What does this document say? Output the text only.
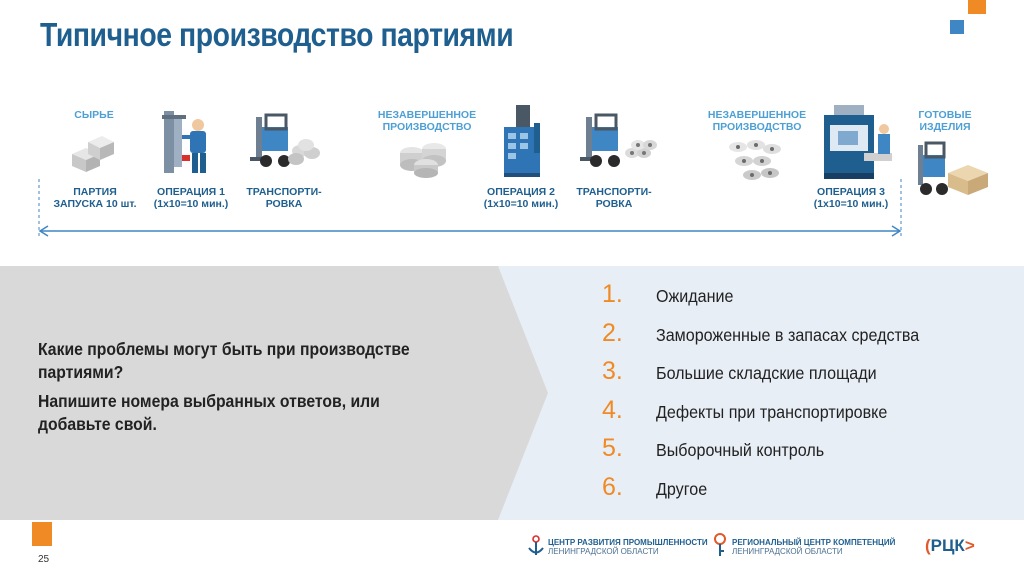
Типичное производство партиями
СЫРЬЕ	НЕЗАВЕРШЕННОЕ
ПРОИЗВОДСТВО
НЕЗАВЕРШЕННОЕ
ПРОИЗВОДСТВО
ГОТОВЫЕ
ИЗДЕЛИЯ
ПАРТИЯ
ЗАПУСКА 10 шт.
ОПЕРАЦИЯ 1
(1х10=10 мин.)
ТРАНСПОРТИ-
РОВКА
ОПЕРАЦИЯ 2
(1х10=10 мин.)
ТРАНСПОРТИ-
РОВКА
ОПЕРАЦИЯ 3
(1х10=10 мин.)

Какие проблемы могут быть при производстве партиями?

Напишите номера выбранных ответов, или добавьте свой.

1.	Ожидание
2.	Замороженные в запасах средства
3.	Большие складские площади
4.	Дефекты при транспортировке
5.	Выборочный контроль
6.	Другое
25
ЦЕНТР РАЗВИТИЯ ПРОМЫШЛЕННОСТИ
ЛЕНИНГРАДСКОЙ ОБЛАСТИ
РЕГИОНАЛЬНЫЙ ЦЕНТР КОМПЕТЕНЦИЙ
ЛЕНИНГРАДСКОЙ ОБЛАСТИ	(РЦК>
